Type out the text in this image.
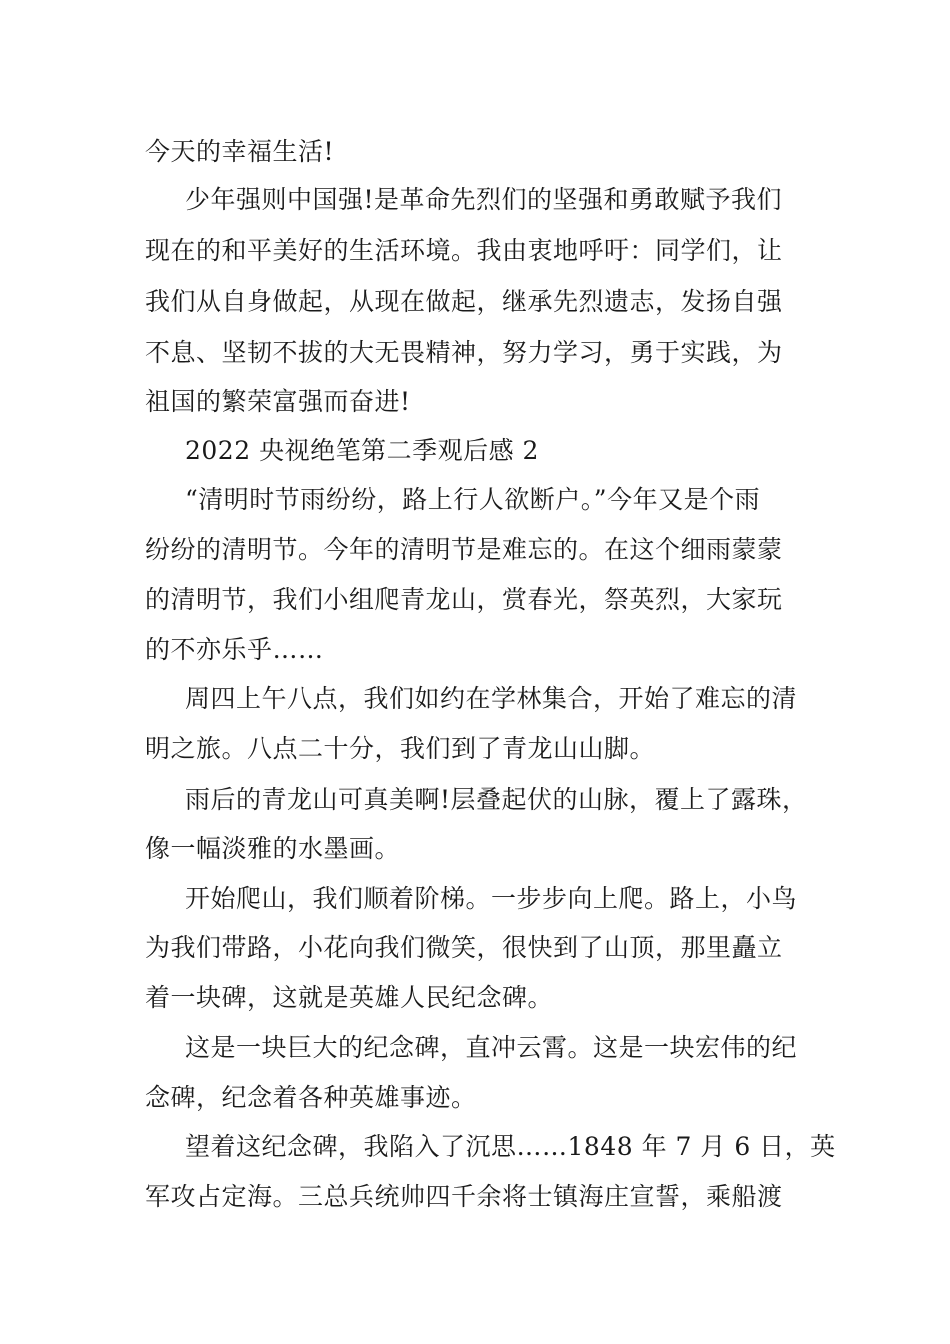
今天的幸福生活!
少年强则中国强!是革命先烈们的坚强和勇敢赋予我们
现在的和平美好的生活环境。我由衷地呼吁：同学们，让
我们从自身做起，从现在做起，继承先烈遗志，发扬自强
不息、坚韧不拔的大无畏精神，努力学习，勇于实践，为
祖国的繁荣富强而奋进!
2022 央视绝笔第二季观后感 2
“清明时节雨纷纷，路上行人欲断户。”今年又是个雨
纷纷的清明节。今年的清明节是难忘的。在这个细雨蒙蒙
的清明节，我们小组爬青龙山，赏春光，祭英烈，大家玩
的不亦乐乎……
周四上午八点，我们如约在学林集合，开始了难忘的清
明之旅。八点二十分，我们到了青龙山山脚。
雨后的青龙山可真美啊!层叠起伏的山脉，覆上了露珠，
像一幅淡雅的水墨画。
开始爬山，我们顺着阶梯。一步步向上爬。路上，小鸟
为我们带路，小花向我们微笑，很快到了山顶，那里矗立
着一块碑，这就是英雄人民纪念碑。
这是一块巨大的纪念碑，直冲云霄。这是一块宏伟的纪
念碑，纪念着各种英雄事迹。
望着这纪念碑，我陷入了沉思……1848 年 7 月 6 日，英
军攻占定海。三总兵统帅四千余将士镇海庄宣誓，乘船渡
